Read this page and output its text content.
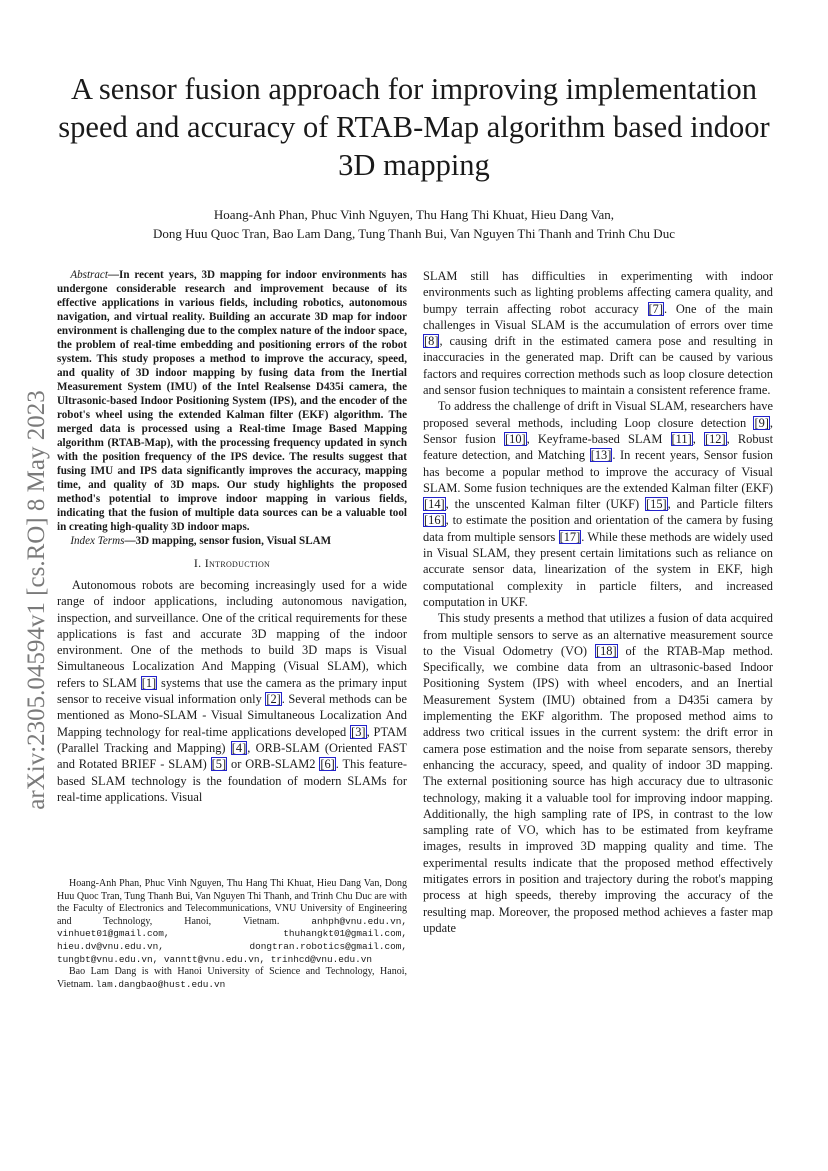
arXiv:2305.04594v1 [cs.RO] 8 May 2023
A sensor fusion approach for improving implementation speed and accuracy of RTAB-Map algorithm based indoor 3D mapping
Hoang-Anh Phan, Phuc Vinh Nguyen, Thu Hang Thi Khuat, Hieu Dang Van,
Dong Huu Quoc Tran, Bao Lam Dang, Tung Thanh Bui, Van Nguyen Thi Thanh and Trinh Chu Duc

Abstract—In recent years, 3D mapping for indoor environments has undergone considerable research and improvement because of its effective applications in various fields, including robotics, autonomous navigation, and virtual reality. Building an accurate 3D map for indoor environment is challenging due to the complex nature of the indoor space, the problem of real-time embedding and positioning errors of the robot system. This study proposes a method to improve the accuracy, speed, and quality of 3D indoor mapping by fusing data from the Inertial Measurement System (IMU) of the Intel Realsense D435i camera, the Ultrasonic-based Indoor Positioning System (IPS), and the encoder of the robot's wheel using the extended Kalman filter (EKF) algorithm. The merged data is processed using a Real-time Image Based Mapping algorithm (RTAB-Map), with the processing frequency updated in synch with the position frequency of the IPS device. The results suggest that fusing IMU and IPS data significantly improves the accuracy, mapping time, and quality of 3D maps. Our study highlights the proposed method's potential to improve indoor mapping in various fields, indicating that the fusion of multiple data sources can be a valuable tool in creating high-quality 3D indoor maps.

Index Terms—3D mapping, sensor fusion, Visual SLAM

I. Introduction

Autonomous robots are becoming increasingly used for a wide range of indoor applications, including autonomous navigation, inspection, and surveillance. One of the critical requirements for these applications is fast and accurate 3D mapping of the indoor environment. One of the methods to build 3D maps is Visual Simultaneous Localization And Mapping (Visual SLAM), which refers to SLAM [1] systems that use the camera as the primary input sensor to receive visual information only [2]. Several methods can be mentioned as Mono-SLAM - Visual Simultaneous Localization And Mapping technology for real-time applications developed [3], PTAM (Parallel Tracking and Mapping) [4], ORB-SLAM (Oriented FAST and Rotated BRIEF - SLAM) [5] or ORB-SLAM2 [6]. This feature-based SLAM technology is the foundation of modern SLAMs for real-time applications. Visual

Hoang-Anh Phan, Phuc Vinh Nguyen, Thu Hang Thi Khuat, Hieu Dang Van, Dong Huu Quoc Tran, Tung Thanh Bui, Van Nguyen Thi Thanh, and Trinh Chu Duc are with the Faculty of Electronics and Telecommunications, VNU University of Engineering and Technology, Hanoi, Vietnam. anhph@vnu.edu.vn, vinhuet01@gmail.com, thuhangkt01@gmail.com, hieu.dv@vnu.edu.vn, dongtran.robotics@gmail.com, tungbt@vnu.edu.vn, vanntt@vnu.edu.vn, trinhcd@vnu.edu.vn

Bao Lam Dang is with Hanoi University of Science and Technology, Hanoi, Vietnam. lam.dangbao@hust.edu.vn

SLAM still has difficulties in experimenting with indoor environments such as lighting problems affecting camera quality, and bumpy terrain affecting robot accuracy [7]. One of the main challenges in Visual SLAM is the accumulation of errors over time [8], causing drift in the estimated camera pose and resulting in inaccuracies in the generated map. Drift can be caused by various factors and requires correction methods such as loop closure detection and sensor fusion techniques to maintain a consistent reference frame.

To address the challenge of drift in Visual SLAM, researchers have proposed several methods, including Loop closure detection [9], Sensor fusion [10], Keyframe-based SLAM [11], [12], Robust feature detection, and Matching [13]. In recent years, Sensor fusion has become a popular method to improve the accuracy of Visual SLAM. Some fusion techniques are the extended Kalman filter (EKF) [14], the unscented Kalman filter (UKF) [15], and Particle filters [16], to estimate the position and orientation of the camera by fusing data from multiple sensors [17]. While these methods are widely used in Visual SLAM, they present certain limitations such as reliance on accurate sensor data, linearization of the system in EKF, high computational complexity in particle filters, and increased computation in UKF.

This study presents a method that utilizes a fusion of data acquired from multiple sensors to serve as an alternative measurement source to the Visual Odometry (VO) [18] of the RTAB-Map method. Specifically, we combine data from an ultrasonic-based Indoor Positioning System (IPS) with wheel encoders, and an Inertial Measurement System (IMU) obtained from a D435i camera by implementing the EKF algorithm. The proposed method aims to address two critical issues in the current system: the drift error in camera pose estimation and the noise from separate sensors, thereby enhancing the accuracy, speed, and quality of indoor 3D mapping. The external positioning source has high accuracy due to ultrasonic technology, making it a valuable tool for improving indoor mapping. Additionally, the high sampling rate of IPS, in contrast to the low sampling rate of VO, which has to be estimated from keyframe images, results in improved 3D mapping quality and time. The experimental results indicate that the proposed method effectively mitigates errors in position and trajectory during the robot's mapping process at high speeds, thereby improving the accuracy of the resulting map. Moreover, the proposed method achieves a faster map update
